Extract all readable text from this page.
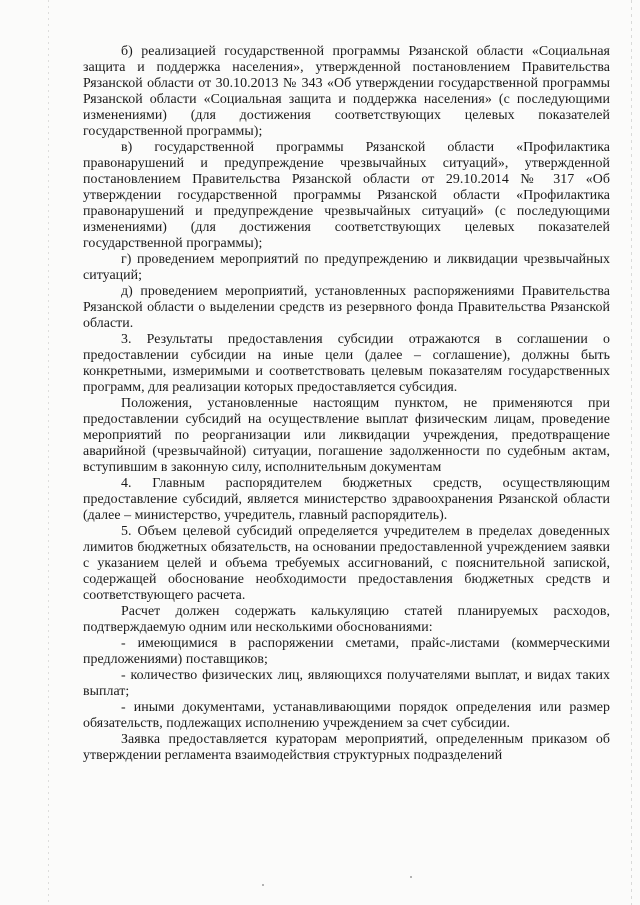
б) реализацией государственной программы Рязанской области «Социальная защита и поддержка населения», утвержденной постановлением Правительства Рязанской области от 30.10.2013 № 343 «Об утверждении государственной программы Рязанской области «Социальная защита и поддержка населения» (с последующими изменениями) (для достижения соответствующих целевых показателей государственной программы);

в) государственной программы Рязанской области «Профилактика правонарушений и предупреждение чрезвычайных ситуаций», утвержденной постановлением Правительства Рязанской области от 29.10.2014 № 317 «Об утверждении государственной программы Рязанской области «Профилактика правонарушений и предупреждение чрезвычайных ситуаций» (с последующими изменениями) (для достижения соответствующих целевых показателей государственной программы);

г) проведением мероприятий по предупреждению и ликвидации чрезвычайных ситуаций;

д) проведением мероприятий, установленных распоряжениями Правительства Рязанской области о выделении средств из резервного фонда Правительства Рязанской области.

3. Результаты предоставления субсидии отражаются в соглашении о предоставлении субсидии на иные цели (далее – соглашение), должны быть конкретными, измеримыми и соответствовать целевым показателям государственных программ, для реализации которых предоставляется субсидия.

Положения, установленные настоящим пунктом, не применяются при предоставлении субсидий на осуществление выплат физическим лицам, проведение мероприятий по реорганизации или ликвидации учреждения, предотвращение аварийной (чрезвычайной) ситуации, погашение задолженности по судебным актам, вступившим в законную силу, исполнительным документам

4. Главным распорядителем бюджетных средств, осуществляющим предоставление субсидий, является министерство здравоохранения Рязанской области (далее – министерство, учредитель, главный распорядитель).

5. Объем целевой субсидий определяется учредителем в пределах доведенных лимитов бюджетных обязательств, на основании предоставленной учреждением заявки с указанием целей и объема требуемых ассигнований, с пояснительной запиской, содержащей обоснование необходимости предоставления бюджетных средств и соответствующего расчета.

Расчет должен содержать калькуляцию статей планируемых расходов, подтверждаемую одним или несколькими обоснованиями:

- имеющимися в распоряжении сметами, прайс-листами (коммерческими предложениями) поставщиков;

- количество физических лиц, являющихся получателями выплат, и видах таких выплат;

- иными документами, устанавливающими порядок определения или размер обязательств, подлежащих исполнению учреждением за счет субсидии.

Заявка предоставляется кураторам мероприятий, определенным приказом об утверждении регламента взаимодействия структурных подразделений
